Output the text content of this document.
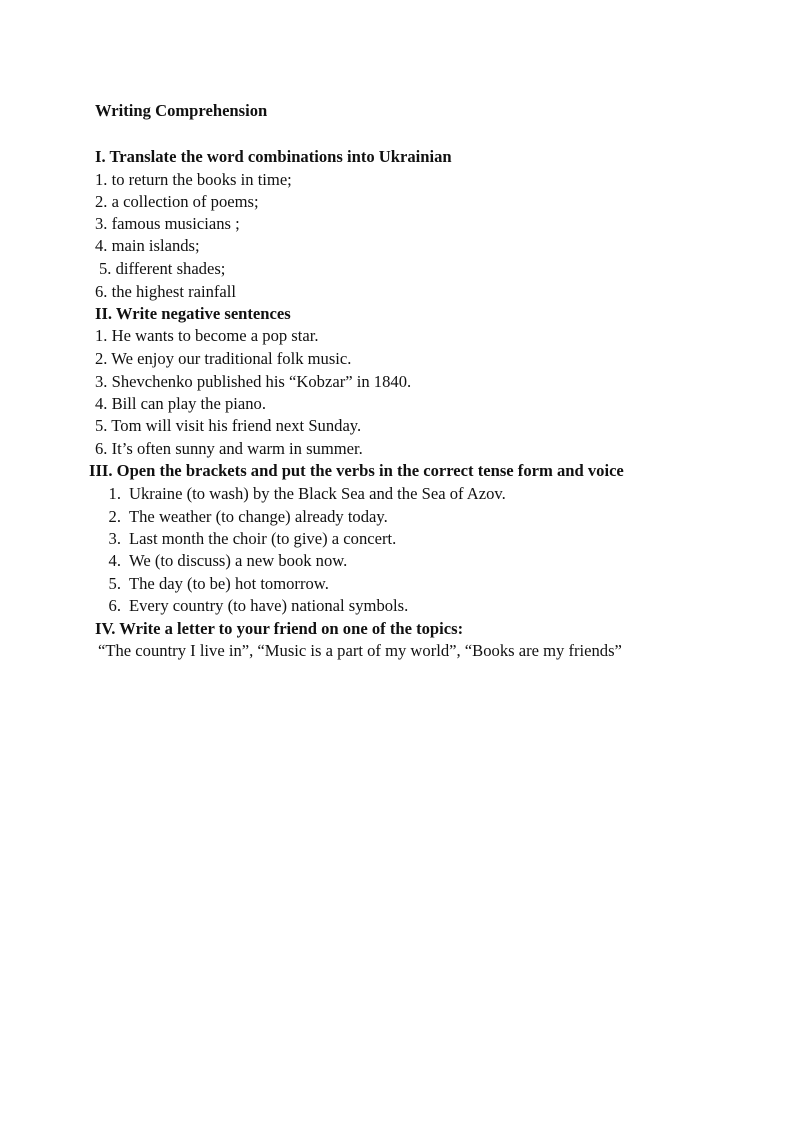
Writing Comprehension
I. Translate the word combinations into Ukrainian
1. to return the books in time;
2. a collection of poems;
3. famous musicians ;
4. main islands;
5. different shades;
6. the highest rainfall
II. Write negative sentences
1. He wants to become a pop star.
2. We enjoy our traditional folk music.
3. Shevchenko published his “Kobzar” in 1840.
4. Bill can play the piano.
5. Tom will visit his friend next Sunday.
6. It’s often sunny and warm in summer.
III. Open the brackets and put the verbs in the correct tense form and voice
1. Ukraine (to wash) by the Black Sea and the Sea of Azov.
2. The weather (to change) already today.
3. Last month the choir (to give) a concert.
4. We (to discuss) a new book now.
5. The day (to be) hot tomorrow.
6. Every country (to have) national symbols.
IV. Write a letter to your friend on one of the topics:
“The country I live in”, “Music is a part of my world”, “Books are my friends”
